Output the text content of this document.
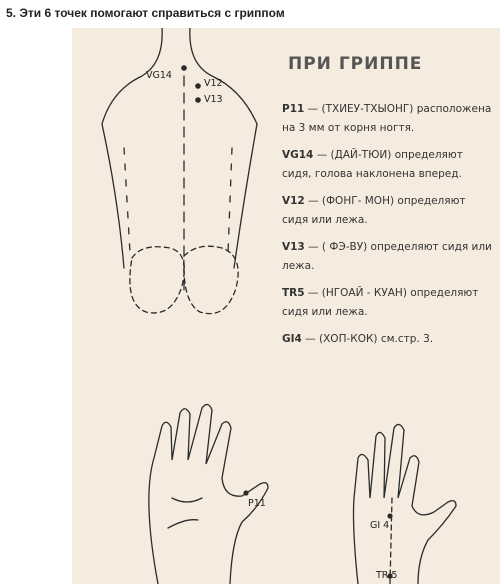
5. Эти 6 точек помогают справиться с гриппом
VG14
V12
V13
P11
GI 4
TR 5
ПРИ ГРИППЕ

P11 — (ТХИЕУ-ТХЫОНГ) расположена на 3 мм от корня ногтя.

VG14 — (ДАЙ-ТЮИ) определяют сидя, голова наклонена вперед.

V12 — (ФОНГ- МОН) определяют сидя или лежа.

V13 — ( ФЭ-ВУ) определяют сидя или лежа.

TR5 — (НГОАЙ - КУАН) определяют сидя или лежа.

GI4 — (ХОП-КОК) см.стр. 3.
